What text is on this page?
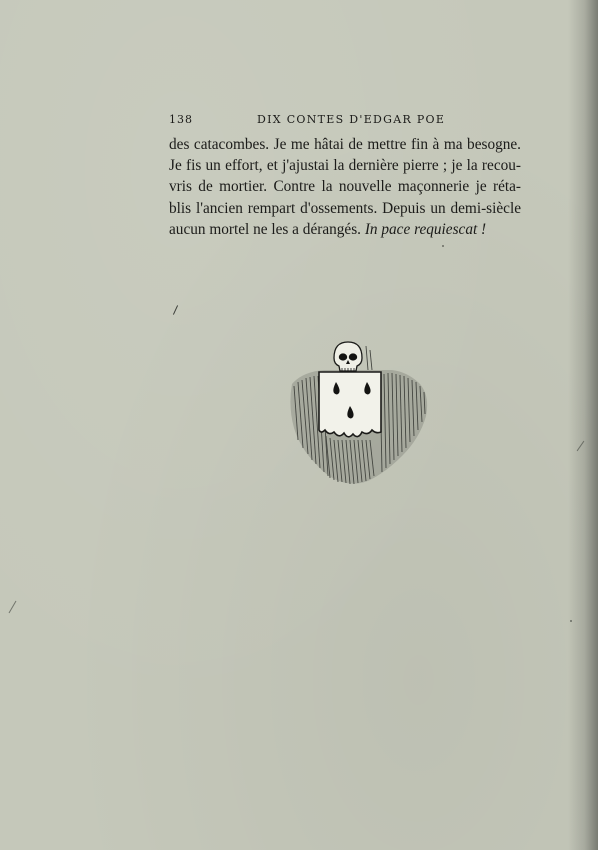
138	DIX CONTES D'EDGAR POE
des catacombes. Je me hâtai de mettre fin à ma besogne.
Je fis un effort, et j'ajustai la dernière pierre ; je la recou-
vris de mortier. Contre la nouvelle maçonnerie je réta-
blis l'ancien rempart d'ossements. Depuis un demi-siècle
aucun mortel ne les a dérangés. In pace requiescat !
